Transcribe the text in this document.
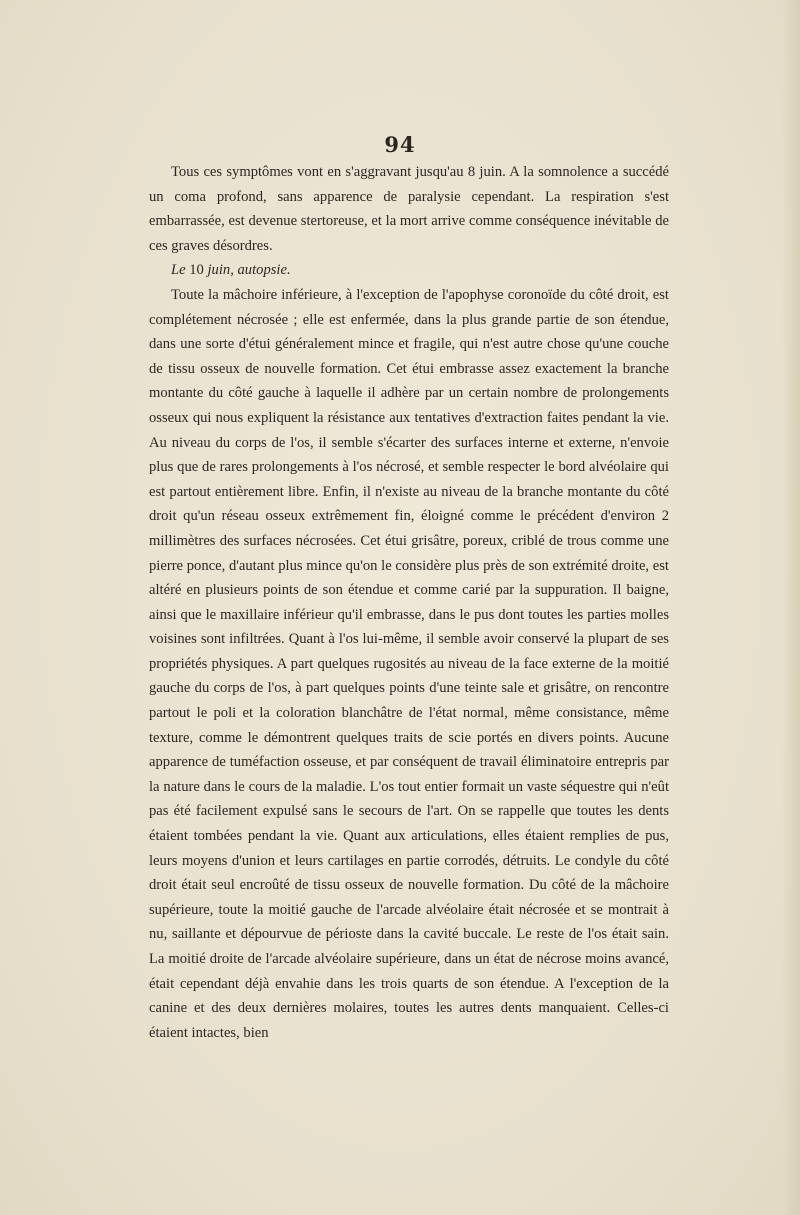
94

Tous ces symptômes vont en s'aggravant jusqu'au 8 juin. A la somnolence a succédé un coma profond, sans apparence de paralysie cependant. La respiration s'est embarrassée, est devenue stertoreuse, et la mort arrive comme conséquence inévitable de ces graves désordres.

Le 10 juin, autopsie.

Toute la mâchoire inférieure, à l'exception de l'apophyse coronoïde du côté droit, est complétement nécrosée ; elle est enfermée, dans la plus grande partie de son étendue, dans une sorte d'étui généralement mince et fragile, qui n'est autre chose qu'une couche de tissu osseux de nouvelle formation. Cet étui embrasse assez exactement la branche montante du côté gauche à laquelle il adhère par un certain nombre de prolongements osseux qui nous expliquent la résistance aux tentatives d'extraction faites pendant la vie. Au niveau du corps de l'os, il semble s'écarter des surfaces interne et externe, n'envoie plus que de rares prolongements à l'os nécrosé, et semble respecter le bord alvéolaire qui est partout entièrement libre. Enfin, il n'existe au niveau de la branche montante du côté droit qu'un réseau osseux extrêmement fin, éloigné comme le précédent d'environ 2 millimètres des surfaces nécrosées. Cet étui grisâtre, poreux, criblé de trous comme une pierre ponce, d'autant plus mince qu'on le considère plus près de son extrémité droite, est altéré en plusieurs points de son étendue et comme carié par la suppuration. Il baigne, ainsi que le maxillaire inférieur qu'il embrasse, dans le pus dont toutes les parties molles voisines sont infiltrées. Quant à l'os lui-même, il semble avoir conservé la plupart de ses propriétés physiques. A part quelques rugosités au niveau de la face externe de la moitié gauche du corps de l'os, à part quelques points d'une teinte sale et grisâtre, on rencontre partout le poli et la coloration blanchâtre de l'état normal, même consistance, même texture, comme le démontrent quelques traits de scie portés en divers points. Aucune apparence de tuméfaction osseuse, et par conséquent de travail éliminatoire entrepris par la nature dans le cours de la maladie. L'os tout entier formait un vaste séquestre qui n'eût pas été facilement expulsé sans le secours de l'art. On se rappelle que toutes les dents étaient tombées pendant la vie. Quant aux articulations, elles étaient remplies de pus, leurs moyens d'union et leurs cartilages en partie corrodés, détruits. Le condyle du côté droit était seul encroûté de tissu osseux de nouvelle formation. Du côté de la mâchoire supérieure, toute la moitié gauche de l'arcade alvéolaire était nécrosée et se montrait à nu, saillante et dépourvue de périoste dans la cavité buccale. Le reste de l'os était sain. La moitié droite de l'arcade alvéolaire supérieure, dans un état de nécrose moins avancé, était cependant déjà envahie dans les trois quarts de son étendue. A l'exception de la canine et des deux dernières molaires, toutes les autres dents manquaient. Celles-ci étaient intactes, bien
